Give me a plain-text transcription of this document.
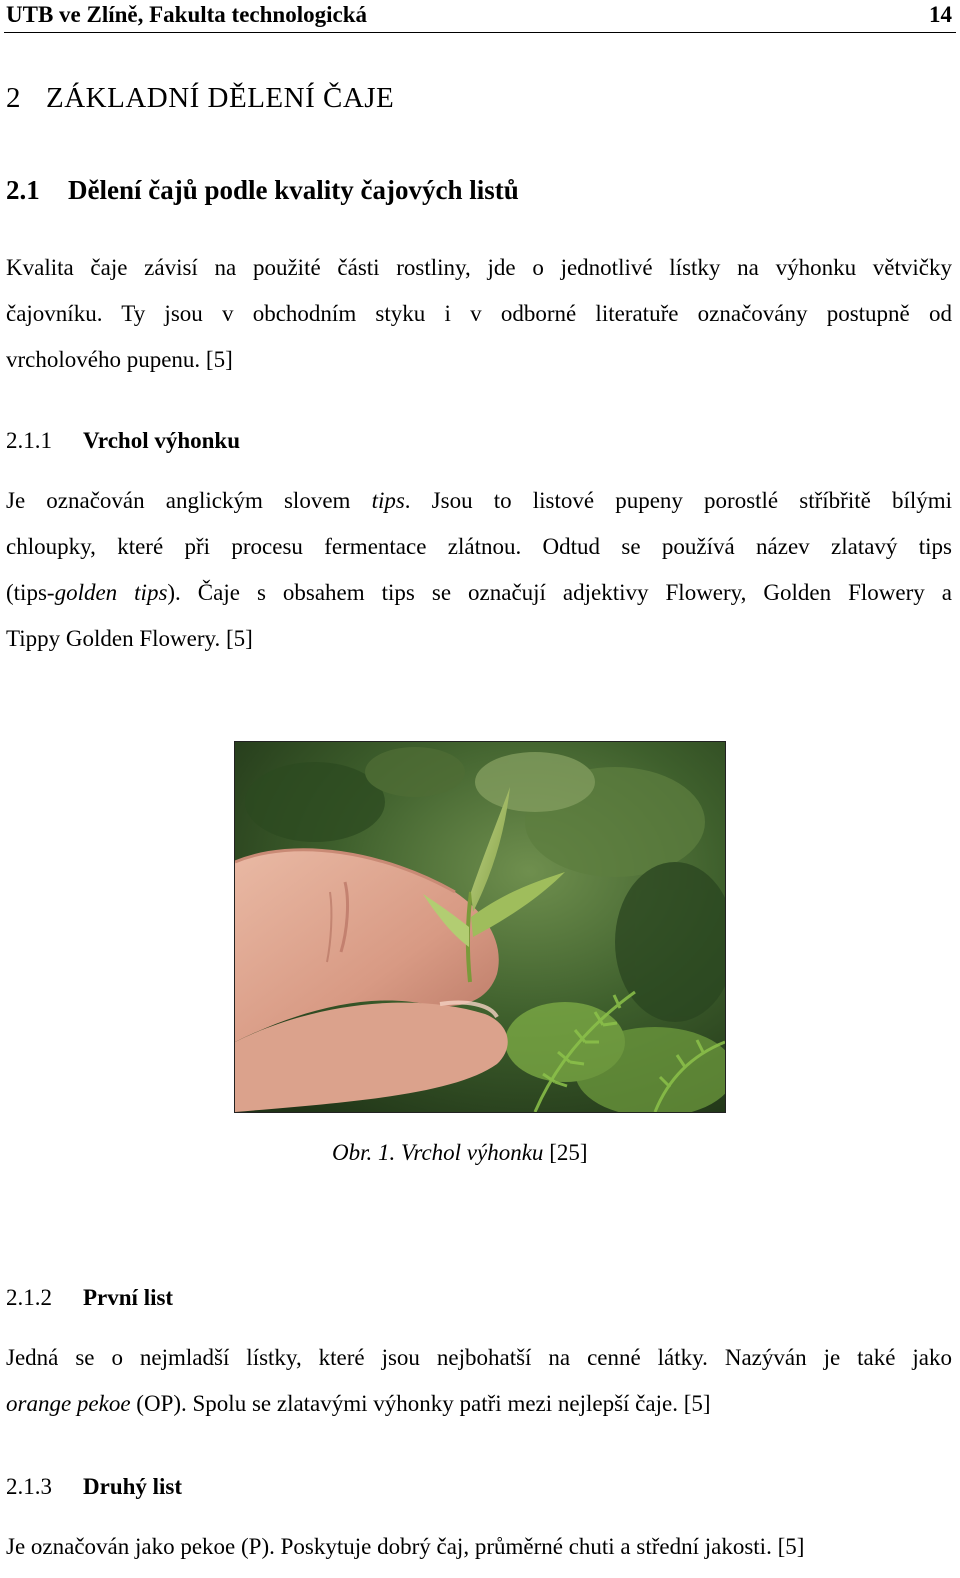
UTB ve Zlíně, Fakulta technologická	14
2 ZÁKLADNÍ DĚLENÍ ČAJE
2.1 Dělení čajů podle kvality čajových listů
Kvalita čaje závisí na použité části rostliny, jde o jednotlivé lístky na výhonku větvičky
čajovníku. Ty jsou v obchodním styku i v odborné literatuře označovány postupně od
vrcholového pupenu. [5]
2.1.1 Vrchol výhonku
Je označován anglickým slovem tips. Jsou to listové pupeny porostlé stříbřitě bílými
chloupky, které při procesu fermentace zlátnou. Odtud se používá název zlatavý tips
(tips-golden tips). Čaje s obsahem tips se označují adjektivy Flowery, Golden Flowery a
Tippy Golden Flowery. [5]
Obr. 1. Vrchol výhonku [25]
2.1.2 První list
Jedná se o nejmladší lístky, které jsou nejbohatší na cenné látky. Nazýván je také jako
orange pekoe (OP). Spolu se zlatavými výhonky patři mezi nejlepší čaje. [5]
2.1.3 Druhý list
Je označován jako pekoe (P). Poskytuje dobrý čaj, průměrné chuti a střední jakosti. [5]
